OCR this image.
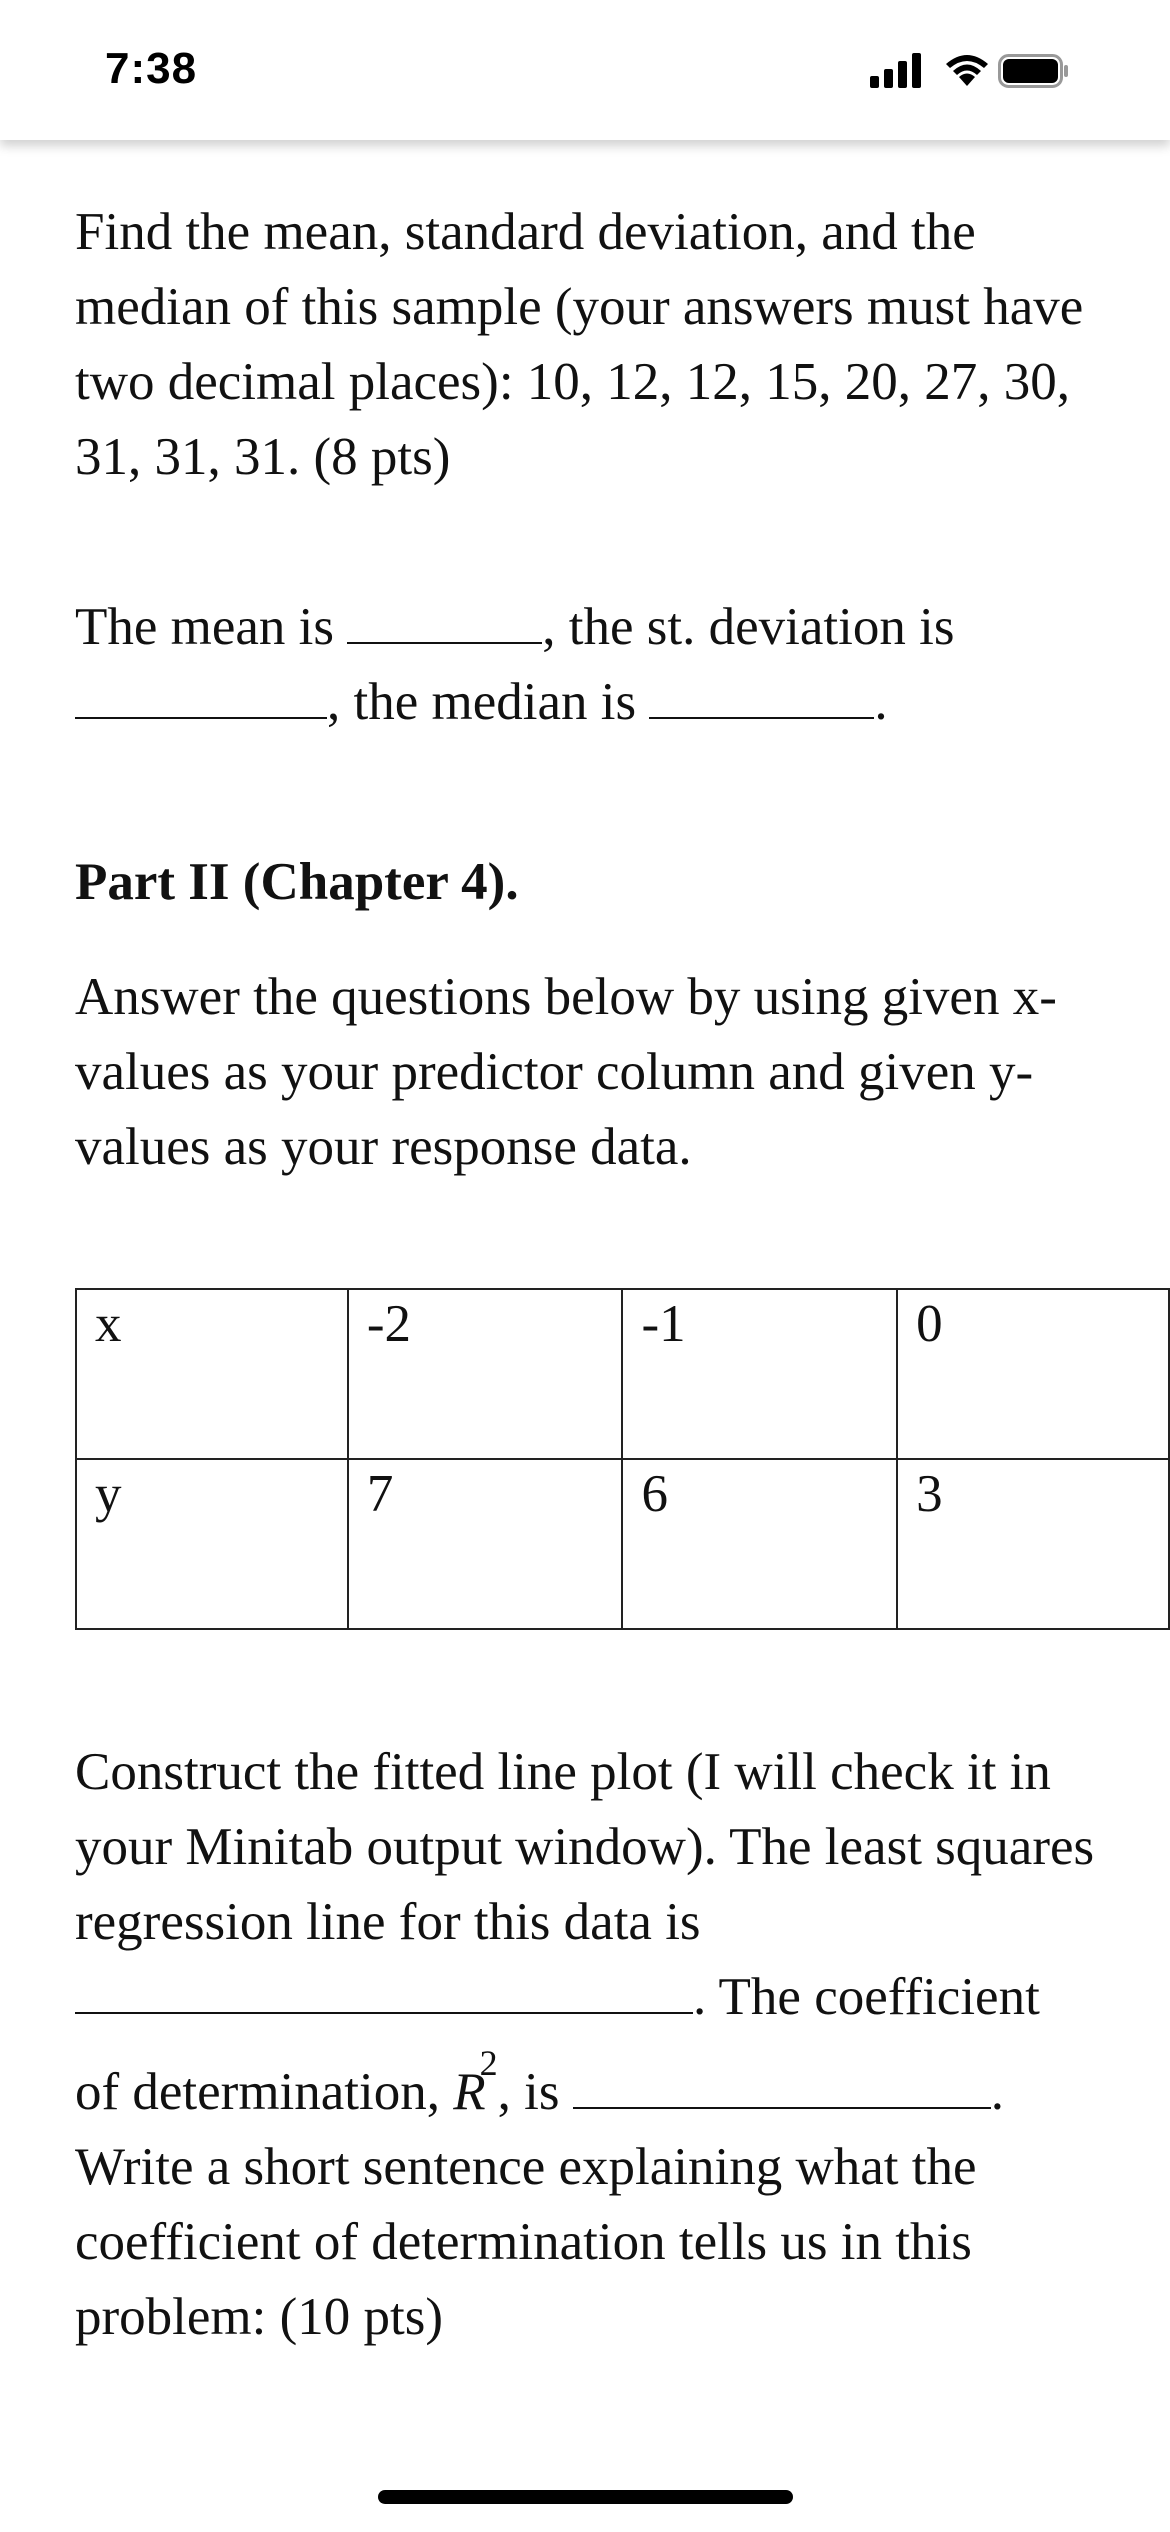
7:38

Find the mean, standard deviation, and the median of this sample (your answers must have two decimal places): 10, 12, 12, 15, 20, 27, 30, 31, 31, 31. (8 pts)

The mean is	, the st. deviation is , the median is	.

Part II (Chapter 4).

Answer the questions below by using given x-values as your predictor column and given y-values as your response data.

Construct the fitted line plot (I will check it in your Minitab output window). The least squares regression line for this data is
. The coefficient

of determination, $R^2$, is	.
Write a short sentence explaining what the coefficient of determination tells us in this problem: (10 pts)

x	-2	-1	0
y	7	6	3
